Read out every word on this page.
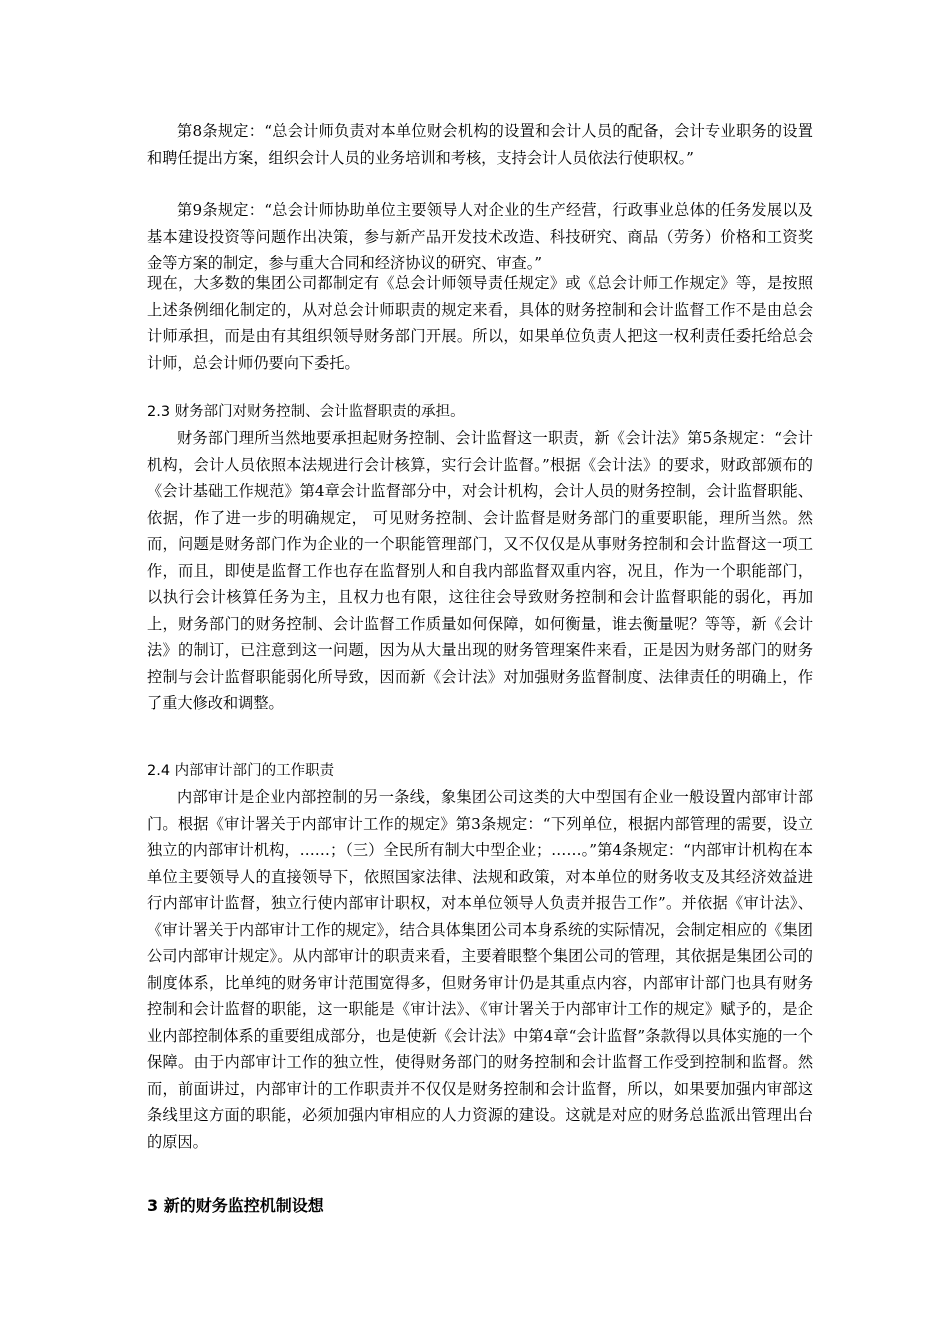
第8条规定：“总会计师负责对本单位财会机构的设置和会计人员的配备，会计专业职务的设置和聘任提出方案，组织会计人员的业务培训和考核，支持会计人员依法行使职权。”

第9条规定：“总会计师协助单位主要领导人对企业的生产经营，行政事业总体的任务发展以及基本建设投资等问题作出决策，参与新产品开发技术改造、科技研究、商品（劳务）价格和工资奖金等方案的制定，参与重大合同和经济协议的研究、审查。”

现在，大多数的集团公司都制定有《总会计师领导责任规定》或《总会计师工作规定》等，是按照上述条例细化制定的，从对总会计师职责的规定来看，具体的财务控制和会计监督工作不是由总会计师承担，而是由有其组织领导财务部门开展。所以，如果单位负责人把这一权利责任委托给总会计师，总会计师仍要向下委托。

2.3 财务部门对财务控制、会计监督职责的承担。

财务部门理所当然地要承担起财务控制、会计监督这一职责，新《会计法》第5条规定：“会计机构，会计人员依照本法规进行会计核算，实行会计监督。”根据《会计法》的要求，财政部颁布的《会计基础工作规范》第4章会计监督部分中，对会计机构，会计人员的财务控制，会计监督职能、依据，作了进一步的明确规定， 可见财务控制、会计监督是财务部门的重要职能，理所当然。然而，问题是财务部门作为企业的一个职能管理部门，又不仅仅是从事财务控制和会计监督这一项工作，而且，即使是监督工作也存在监督别人和自我内部监督双重内容，况且，作为一个职能部门，以执行会计核算任务为主，且权力也有限，这往往会导致财务控制和会计监督职能的弱化，再加上，财务部门的财务控制、会计监督工作质量如何保障，如何衡量，谁去衡量呢？等等，新《会计法》的制订，已注意到这一问题，因为从大量出现的财务管理案件来看，正是因为财务部门的财务控制与会计监督职能弱化所导致，因而新《会计法》对加强财务监督制度、法律责任的明确上，作了重大修改和调整。

2.4 内部审计部门的工作职责

内部审计是企业内部控制的另一条线，象集团公司这类的大中型国有企业一般设置内部审计部门。根据《审计署关于内部审计工作的规定》第3条规定：“下列单位，根据内部管理的需要，设立独立的内部审计机构，……；（三）全民所有制大中型企业；……。”第4条规定：“内部审计机构在本单位主要领导人的直接领导下，依照国家法律、法规和政策，对本单位的财务收支及其经济效益进行内部审计监督，独立行使内部审计职权，对本单位领导人负责并报告工作”。并依据《审计法》、《审计署关于内部审计工作的规定》，结合具体集团公司本身系统的实际情况，会制定相应的《集团公司内部审计规定》。从内部审计的职责来看，主要着眼整个集团公司的管理，其依据是集团公司的制度体系，比单纯的财务审计范围宽得多，但财务审计仍是其重点内容，内部审计部门也具有财务控制和会计监督的职能，这一职能是《审计法》、《审计署关于内部审计工作的规定》赋予的，是企业内部控制体系的重要组成部分，也是使新《会计法》中第4章“会计监督”条款得以具体实施的一个保障。由于内部审计工作的独立性，使得财务部门的财务控制和会计监督工作受到控制和监督。然而，前面讲过，内部审计的工作职责并不仅仅是财务控制和会计监督，所以，如果要加强内审部这条线里这方面的职能，必须加强内审相应的人力资源的建设。这就是对应的财务总监派出管理出台的原因。

3 新的财务监控机制设想
